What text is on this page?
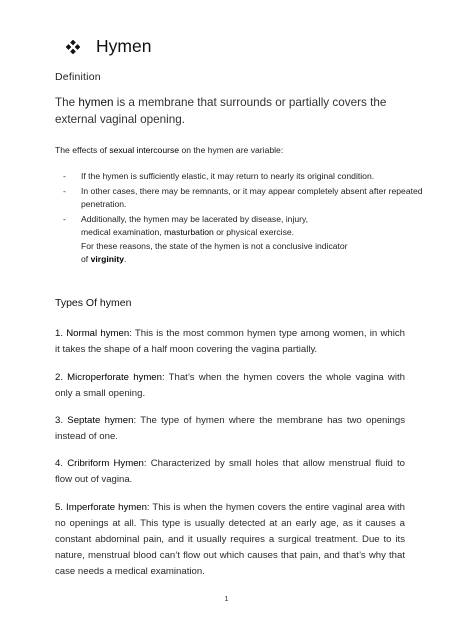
Hymen
Definition

The hymen is a membrane that surrounds or partially covers the external vaginal opening.

The effects of sexual intercourse on the hymen are variable:
- If the hymen is sufficiently elastic, it may return to nearly its original condition.
- In other cases, there may be remnants, or it may appear completely absent after repeated penetration.
- Additionally, the hymen may be lacerated by disease, injury,
medical examination, masturbation or physical exercise.
For these reasons, the state of the hymen is not a conclusive indicator
of virginity.
Types Of hymen

1. Normal hymen: This is the most common hymen type among women, in which it takes the shape of a half moon covering the vagina partially.

2. Microperforate hymen: That’s when the hymen covers the whole vagina with only a small opening.

3. Septate hymen: The type of hymen where the membrane has two openings instead of one.

4. Cribriform Hymen: Characterized by small holes that allow menstrual fluid to flow out of vagina.

5. Imperforate hymen: This is when the hymen covers the entire vaginal area with no openings at all. This type is usually detected at an early age, as it causes a constant abdominal pain, and it usually requires a surgical treatment. Due to its nature, menstrual blood can’t flow out which causes that pain, and that’s why that case needs a medical examination.

1
